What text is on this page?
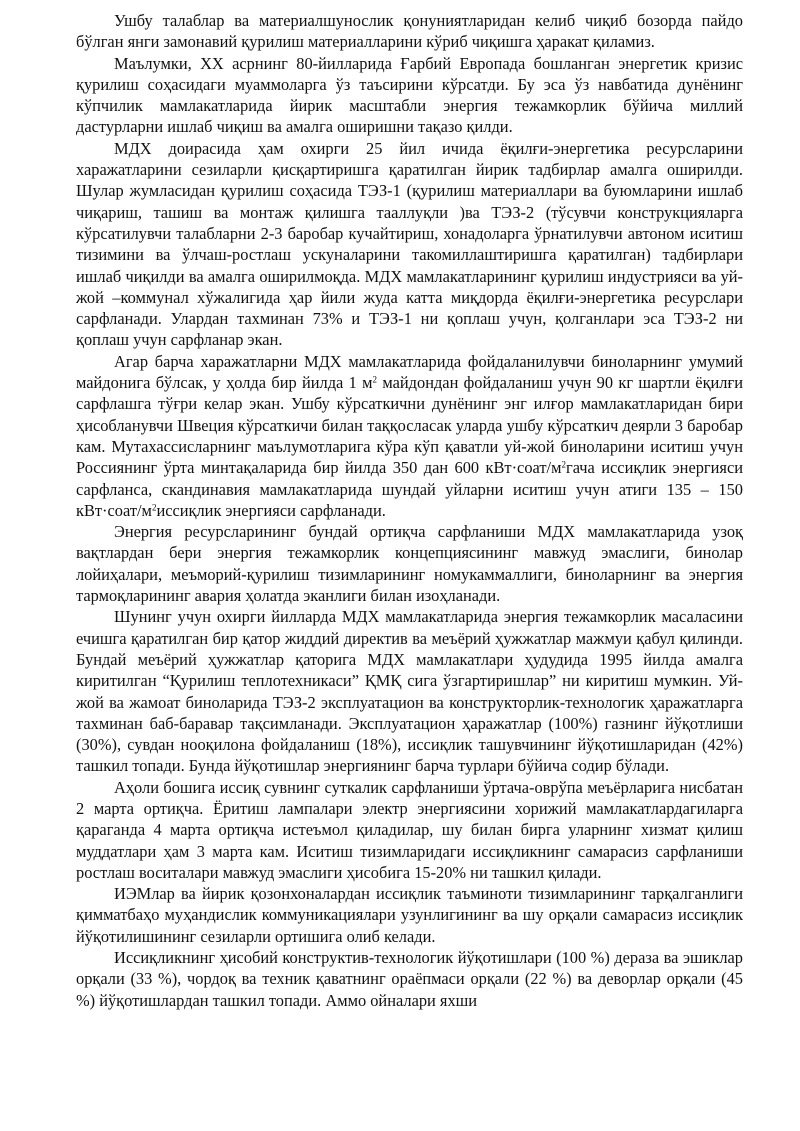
Ушбу талаблар ва материалшунослик қонуниятларидан келиб чиқиб бозорда пайдо бўлган янги замонавий қурилиш материалларини кўриб чиқишга ҳаракат қиламиз.

Маълумки, XX асрнинг 80-йилларида Ғарбий Европада бошланган энергетик кризис қурилиш соҳасидаги муаммоларга ўз таъсирини кўрсатди. Бу эса ўз навбатида дунёнинг кўпчилик мамлакатларида йирик масштабли энергия тежамкорлик бўйича миллий дастурларни ишлаб чиқиш ва амалга оширишни тақазо қилди.

МДХ доирасида ҳам охирги 25 йил ичида ёқилғи-энергетика ресурсларини харажатларини сезиларли қисқартиришга қаратилган йирик тадбирлар амалга оширилди. Шулар жумласидан қурилиш соҳасида ТЭЗ-1 (қурилиш материаллари ва буюмларини ишлаб чиқариш, ташиш ва монтаж қилишга тааллуқли )ва ТЭЗ-2 (тўсувчи конструкцияларга кўрсатилувчи талабларни 2-3 баробар кучайтириш, хонадоларга ўрнатилувчи автоном иситиш тизимини ва ўлчаш-ростлаш ускуналарини такомиллаштиришга қаратилган) тадбирлари ишлаб чиқилди ва амалга оширилмоқда. МДХ мамлакатларининг қурилиш индустрияси ва уй-жой –коммунал хўжалигида ҳар йили жуда катта миқдорда ёқилғи-энергетика ресурслари сарфланади. Улардан тахминан 73% и ТЭЗ-1 ни қоплаш учун, қолганлари эса ТЭЗ-2 ни қоплаш учун сарфланар экан.

Агар барча харажатларни МДХ мамлакатларида фойдаланилувчи биноларнинг умумий майдонига бўлсак, у ҳолда бир йилда 1 $м^2$ майдондан фойдаланиш учун 90 кг шартли ёқилғи сарфлашга тўғри келар экан. Ушбу кўрсаткични дунёнинг энг илғор мамлакатларидан бири ҳисобланувчи Швеция кўрсаткичи билан таққосласак уларда ушбу кўрсаткич деярли 3 баробар кам. Мутахассисларнинг маълумотларига кўра кўп қаватли уй-жой биноларини иситиш учун Россиянинг ўрта минтақаларида бир йилда 350 дан 600 $кВт\cdot соат/м^2гача$ иссиқлик энергияси сарфланса, скандинавия мамлакатларида шундай уйларни иситиш учун атиги 135 – 150 $кВт\cdot соат/м^2иссиқлик$ энергияси сарфланади.

Энергия ресурсларининг бундай ортиқча сарфланиши МДХ мамлакатларида узоқ вақтлардан бери энергия тежамкорлик концепциясининг мавжуд эмаслиги, бинолар лойиҳалари, меъморий-қурилиш тизимларининг номукаммаллиги, биноларнинг ва энергия тармоқларининг авария ҳолатда эканлиги билан изоҳланади.

Шунинг учун охирги йилларда МДХ мамлакатларида энергия тежамкорлик масаласини ечишга қаратилган бир қатор жиддий директив ва меъёрий ҳужжатлар мажмуи қабул қилинди. Бундай меъёрий ҳужжатлар қаторига МДХ мамлакатлари ҳудудида 1995 йилда амалга киритилган “Қурилиш теплотехникаси” ҚМҚ сига ўзгартиришлар” ни киритиш мумкин. Уй-жой ва жамоат биноларида ТЭЗ-2 эксплуатацион ва конструкторлик-технологик ҳаражатларга тахминан баб-баравар тақсимланади. Эксплуатацион ҳаражатлар (100%) газнинг йўқотлиши (30%), сувдан нооқилона фойдаланиш (18%), иссиқлик ташувчининг йўқотишларидан (42%) ташкил топади. Бунда йўқотишлар энергиянинг барча турлари бўйича содир бўлади.

Аҳоли бошига иссиқ сувнинг суткалик сарфланиши ўртача-оврўпа меъёрларига нисбатан 2 марта ортиқча. Ёритиш лампалари электр энергиясини хорижий мамлакатлардагиларга қараганда 4 марта ортиқча истеъмол қиладилар, шу билан бирга уларнинг хизмат қилиш муддатлари ҳам 3 марта кам. Иситиш тизимларидаги иссиқликнинг самарасиз сарфланиши ростлаш воситалари мавжуд эмаслиги ҳисобига 15-20% ни ташкил қилади.

ИЭМлар ва йирик қозонхоналардан иссиқлик таъминоти тизимларининг тарқалганлиги қимматбаҳо муҳандислик коммуникациялари узунлигининг ва шу орқали самарасиз иссиқлик йўқотилишининг сезиларли ортишига олиб келади.

Иссиқликнинг ҳисобий конструктив-технологик йўқотишлари (100 %) дераза ва эшиклар орқали (33 %), чордоқ ва техник қаватнинг ораёпмаси орқали (22 %) ва деворлар орқали (45 %) йўқотишлардан ташкил топади. Аммо ойналари яхши
